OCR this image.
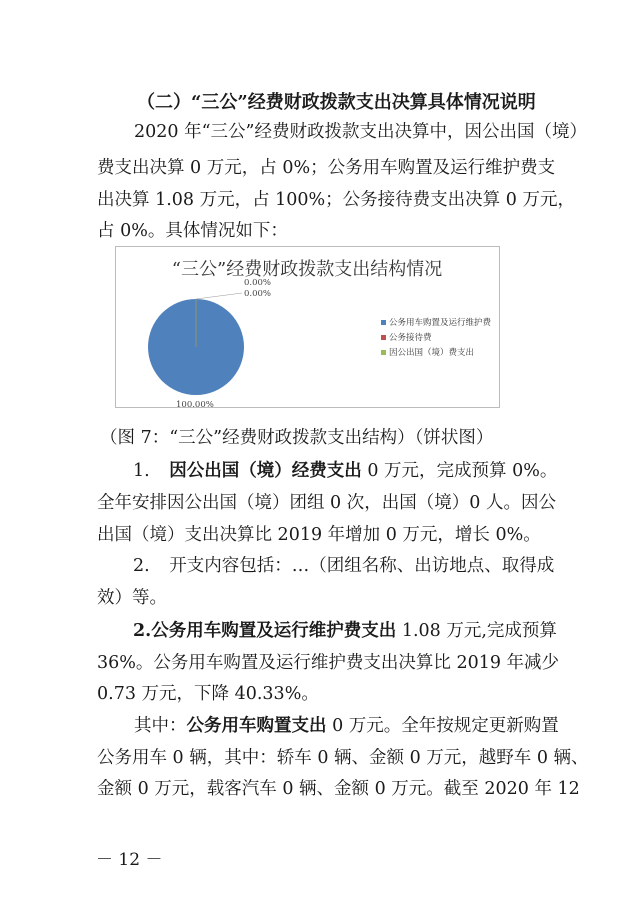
（二）“三公”经费财政拨款支出决算具体情况说明
2020 年“三公”经费财政拨款支出决算中，因公出国（境）
费支出决算 0 万元，占 0%；公务用车购置及运行维护费支
出决算 1.08 万元，占 100%；公务接待费支出决算 0 万元，
占 0%。具体情况如下：
“三公”经费财政拨款支出结构情况
100.00%
0.00%
0.00%
公务用车购置及运行维护费
公务接待费
因公出国（境）费支出
（图 7：“三公”经费财政拨款支出结构）（饼状图）
1. 因公出国（境）经费支出 0 万元，完成预算 0%。
全年安排因公出国（境）团组 0 次，出国（境）0 人。因公
出国（境）支出决算比 2019 年增加 0 万元，增长 0%。
2. 开支内容包括：…（团组名称、出访地点、取得成
效）等。
2.公务用车购置及运行维护费支出 1.08 万元,完成预算
36%。公务用车购置及运行维护费支出决算比 2019 年减少
0.73 万元，下降 40.33%。
其中：公务用车购置支出 0 万元。全年按规定更新购置
公务用车 0 辆，其中：轿车 0 辆、金额 0 万元，越野车 0 辆、
金额 0 万元，载客汽车 0 辆、金额 0 万元。截至 2020 年 12
－ 12 －
